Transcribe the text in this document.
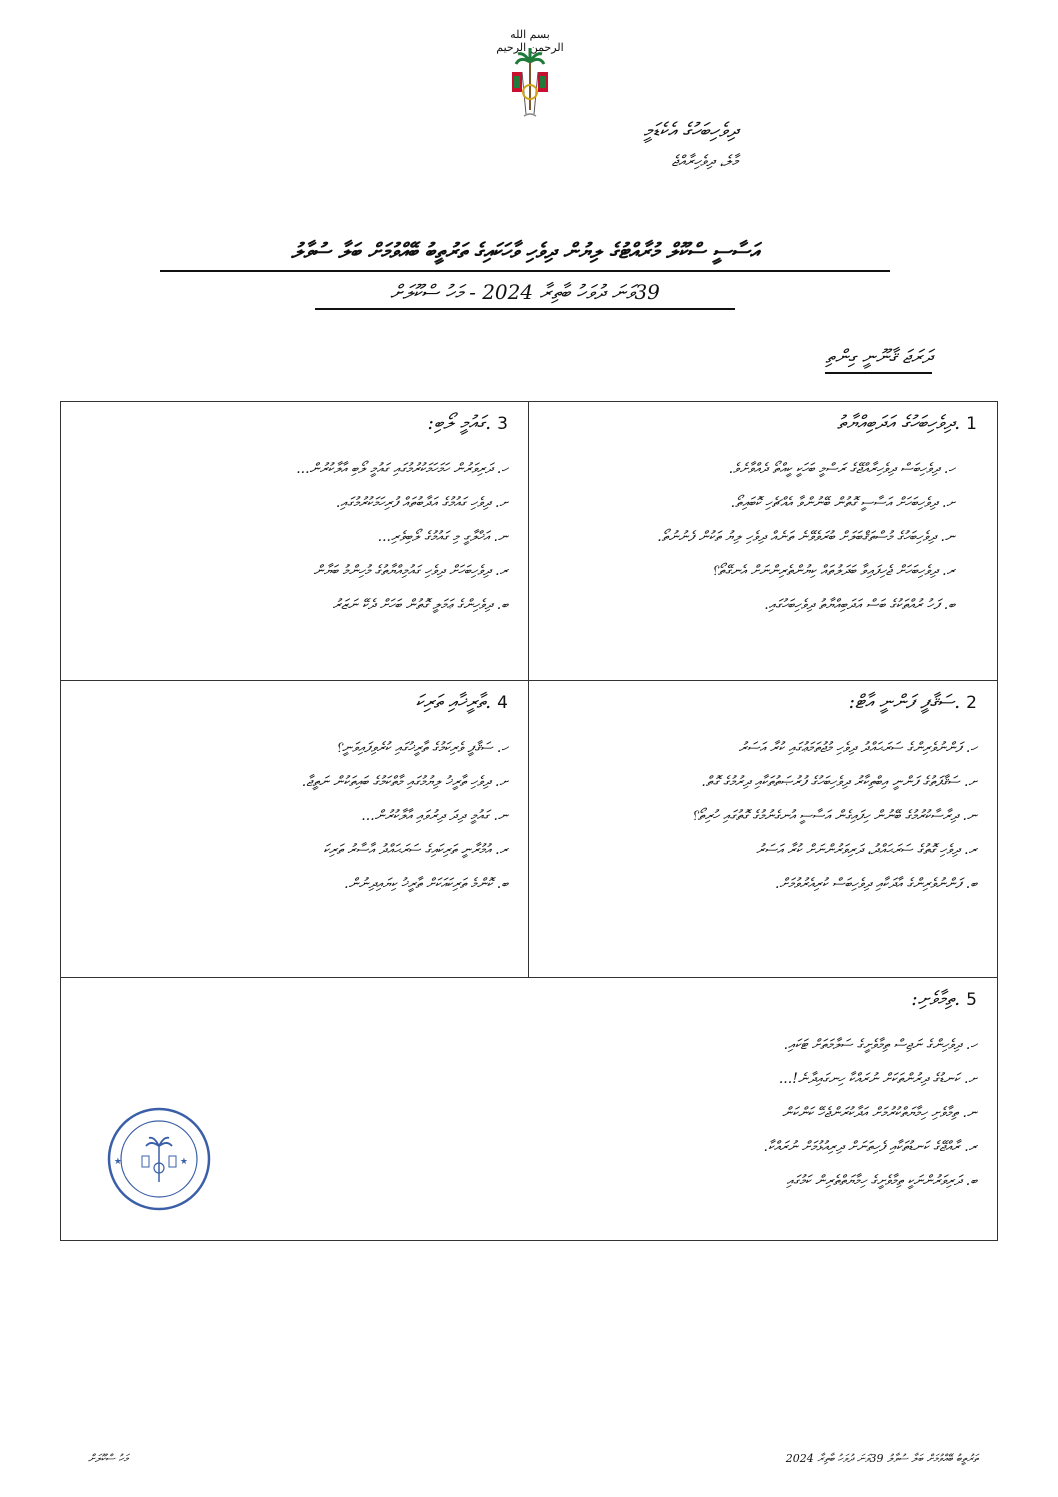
بسم الله الرحمن الرحيم
ދިވެހިބަހުގެ އެކެޑަމީ
މާލެ، ދިވެހިރާއްޖެ
އަސާސީ ސްކޫލް މުރާއްޓުގެ ލިޔުން ދިވެހި ވާހަކައިގެ ތަރުތީބު ބޭއްވުމަށް ބަލާ ސުވާލު
39ވަނަ ދުވަހު ބާތިރާ 2024 - މަހު ސްކޫލަށް
ދަރަޖަ ޤާނޫނީ ގިންތި
1.ދިވެހިބަހުގެ އަދަބިއްޔާތު
ހ. ދިވެހިބަސް ދިވެހިރާއްޖޭގެ ރަސްމީ ބަހަކީ ކީއްތޯ ދެއްވާށެވެ.
ށ. ދިވެހިބަހަށް އަސާސީ ގޮތުން ބޭނުންވާ އެއްޗެހި ކޮބައިތޯ.
ނ. ދިވެހިބަހުގެ މުސްތަޤްބަލަށް ބުރަވެވޭނެ ތަނެއް ދިވެހި ލިޔު ތަކުން ފެނުނުތޯ.
ރ. ދިވެހިބަހަށް ޖެހިފައިވާ ބަދަލުތައް ކިޔުންތެރިންނަށް އެނގޭތޯ؟
ބ. ފަހު ރުއްތަކުގެ ބަސް އަދަބިއްޔާތު ދިވެހިބަހުގައި.
3.ގައުމީ ލޯބި:
ހ. ދަރިވަރުން ހަމަހަމަކުރުމުގައި ގައުމީ ލޯބި އާލާކުރުން...
ށ. ދިވެހި ގައުމުގެ އަދާބުތައް ފުރިހަމަކުރުމުގައި.
ނ. އަޚްލާގީ މި ގައުމުގެ ލޯބިވެރި...
ރ. ދިވެހިބަހަށް ދިވެހި ގައުމިއްޔާތުގެ މުހިންމު ބަޔާން
ބ. ދިވެހިންގެ ޢަމަލީ ގޮތުން ބަހަށް ދެކޭ ނަޒަރު
2.ސަޤާފީ ފަންނީ އާޓް:
ހ. ފަންނުވެރިންގެ ސަރަޙައްދު ދިވެހި މުޖުތަމަޢުގައި ކުރާ އަސަރު
ށ. ސަޤާފަތުގެ ފަންނީ އިބްތިކާރު ދިވެހިބަހުގެ ފުރުޞަތުތަކާއި ދިރުމުގެ ގޮތް.
ނ. ދިރާސާކުރުމުގެ ބޭނުން ހިފައިގެން އަސާސީ އުނގެނުމުގެ ގޮތުގައި ހުރިތޯ؟
ރ. ދިވެހި ގޮތުގެ ސަރަޙައްދު، ދަރިވަރުންނަށް ކުރާ އަސަރު
ބ. ފަންނުވެރިންގެ އާދަކާއި ދިވެހިބަސް ކުރިއެރުވުމަށް.
4.ތާރީޚާއި ތަރިކަ
ހ. ސަޤާފީ ވެރިކަމުގެ ތާރީޚުގައި ކުރެވިފައިވަނީ؟
ށ. ދިވެހި ތާރީޚު ލިޔުމުގައި މާތްކަމުގެ ބައިތަކުން ނަތީޖާ.
ނ. ގައުމީ ދިދަ ދިރުވައި އާލާކުރުން...
ރ. އުމުރާނީ ތަރިކައިގެ ސަރަޙައްދު އާސާރު ތަރިކަ
ބ. ކޮންމެ ތަރިކައަކަށް ތާރީޚު ކިޔައިދިނުން.
5.ތިމާވެށި:
ހ. ދިވެހިންގެ ނަޖިސް ތިމާވެށީގެ ސަލާމަތަށް ޓަކައި.
ށ. ކަނޑުގެ ދިރުންތަކަށް ނުރައްކާ ހިނގައިދާނެ!...
ނ. ތިމާވެށި ހިމާޔަތްކުރުމަށް އަދާކުރަންޖެހޭ ކަންކަން
ރ. ރާއްޖޭގެ ކަނޑުތަކާއި ފެހިތަނަށް ދިރިއުޅުމަށް ނުރައްކާ.
ބ. ދަރިވަރުންނަކީ ތިމާވެށީގެ ހިމާޔަތްތެރިން ކަމުގައި
★	★
މަހު ސްކޫލަށް	ތަރުތީބު ބޭއްވުމަށް ބަލާ ސުވާލު 39ވަނަ ދުވަހު ބާތިރާ 2024
